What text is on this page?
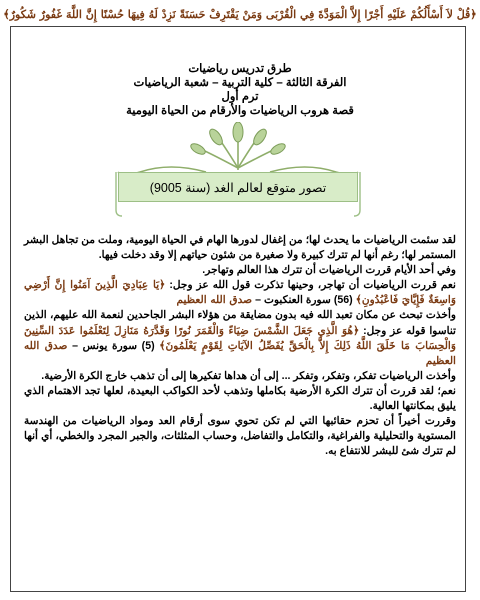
﴿قُلْ لاَ أَسْأَلُكُمْ عَلَيْهِ أَجْرًا إِلاَّ الْمَوَدَّةَ فِي الْقُرْبَى وَمَنْ يَقْتَرِفْ حَسَنَةً نَزِدْ لَهُ فِيهَا حُسْنًا إِنَّ اللَّهَ غَفُورٌ شَكُورٌ﴾
طرق تدريس رياضيات
الفرقة الثالثة – كلية التربية – شعبة الرياضيات
ترم أول
قصة هروب الرياضيات والأرقام من الحياة اليومية
تصور متوقع لعالم الغد (سنة 9005)

لقد سئمت الرياضيات ما يحدث لها؛ من إغفال لدورها الهام في الحياة اليومية، وملت من تجاهل البشر المستمر لها؛ رغم أنها لم تترك كبيرة ولا صغيرة من شئون حياتهم إلا وقد دخلت فيها.

وفي أحد الأيام قررت الرياضيات أن تترك هذا العالم وتهاجر.

نعم قررت الرياضيات أن تهاجر، وحينها تذكرت قول الله عز وجل: ﴿يَا عِبَادِيَ الَّذِينَ آمَنُوا إِنَّ أَرْضِي وَاسِعَةٌ فَإِيَّايَ فَاعْبُدُونِ﴾ (56) سورة العنكبوت – صدق الله العظيم

وأخذت تبحث عن مكان تعبد الله فيه بدون مضايقة من هؤلاء البشر الجاحدين لنعمة الله عليهم، الذين تناسوا قوله عز وجل: ﴿هُوَ الَّذِي جَعَلَ الشَّمْسَ ضِيَاءً وَالْقَمَرَ نُورًا وَقَدَّرَهُ مَنَازِلَ لِتَعْلَمُوا عَدَدَ السِّنِينَ وَالْحِسَابَ مَا خَلَقَ اللَّهُ ذَلِكَ إِلاَّ بِالْحَقِّ يُفَصِّلُ الآيَاتِ لِقَوْمٍ يَعْلَمُونَ﴾ (5) سورة يونس – صدق الله العظيم

وأخذت الرياضيات تفكر، وتفكر، وتفكر ... إلى أن هداها تفكيرها إلى أن تذهب خارج الكرة الأرضية.

نعم؛ لقد قررت أن تترك الكرة الأرضية بكاملها وتذهب لأحد الكواكب البعيدة، لعلها تجد الاهتمام الذي يليق بمكانتها العالية.

وقررت أخيراً أن تحزم حقائبها التي لم تكن تحوي سوى أرقام العد ومواد الرياضيات من الهندسة المستوية والتحليلية والفراغية، والتكامل والتفاضل، وحساب المثلثات، والجبر المجرد والخطي، أي أنها لم تترك شئ للبشر للانتفاع به.
